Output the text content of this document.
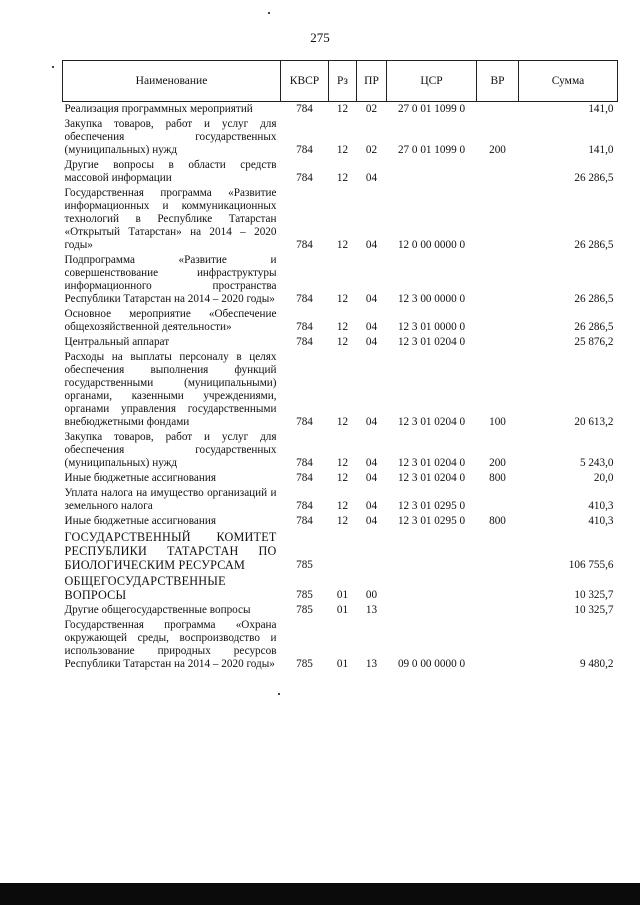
275
Наименование	КВСР	Рз	ПР	ЦСР	ВР	Сумма
Реализация программных мероприятий	784	12	02	27 0 01 1099 0		141,0
Закупка товаров, работ и услуг для обеспечения государственных (муниципальных) нужд	784	12	02	27 0 01 1099 0	200	141,0
Другие вопросы в области средств массовой информации	784	12	04			26 286,5
Государственная программа «Развитие информационных и коммуникационных технологий в Республике Татарстан «Открытый Татарстан» на 2014 – 2020 годы»	784	12	04	12 0 00 0000 0		26 286,5
Подпрограмма «Развитие и совершенствование инфраструктуры информационного пространства Республики Татарстан на 2014 – 2020 годы»	784	12	04	12 3 00 0000 0		26 286,5
Основное мероприятие «Обеспечение общехозяйственной деятельности»	784	12	04	12 3 01 0000 0		26 286,5
Центральный аппарат	784	12	04	12 3 01 0204 0		25 876,2
Расходы на выплаты персоналу в целях обеспечения выполнения функций государственными (муниципальными) органами, казенными учреждениями, органами управления государственными внебюджетными фондами	784	12	04	12 3 01 0204 0	100	20 613,2
Закупка товаров, работ и услуг для обеспечения государственных (муниципальных) нужд	784	12	04	12 3 01 0204 0	200	5 243,0
Иные бюджетные ассигнования	784	12	04	12 3 01 0204 0	800	20,0
Уплата налога на имущество организаций и земельного налога	784	12	04	12 3 01 0295 0		410,3
Иные бюджетные ассигнования	784	12	04	12 3 01 0295 0	800	410,3
ГОСУДАРСТВЕННЫЙ КОМИТЕТ РЕСПУБЛИКИ ТАТАРСТАН ПО БИОЛОГИЧЕСКИМ РЕСУРСАМ	785					106 755,6
ОБЩЕГОСУДАРСТВЕННЫЕ ВОПРОСЫ	785	01	00			10 325,7
Другие общегосударственные вопросы	785	01	13			10 325,7
Государственная программа «Охрана окружающей среды, воспроизводство и использование природных ресурсов Республики Татарстан на 2014 – 2020 годы»	785	01	13	09 0 00 0000 0		9 480,2
